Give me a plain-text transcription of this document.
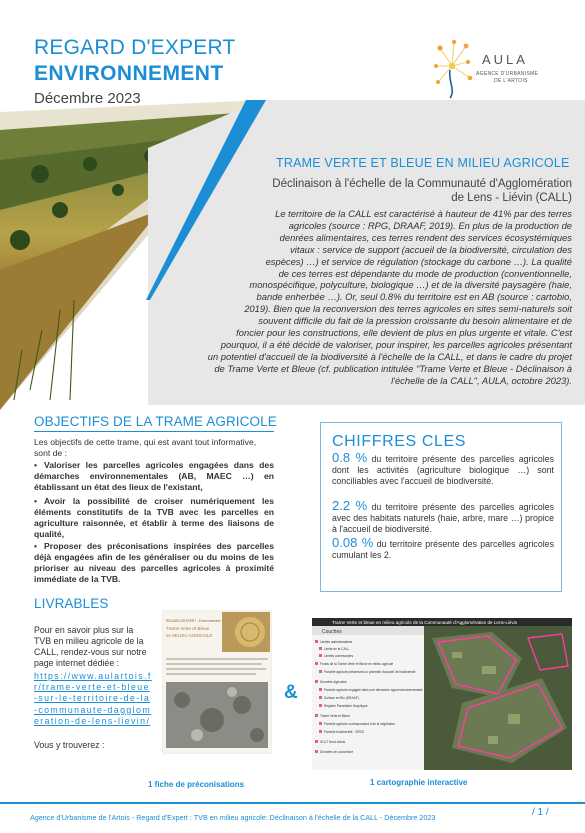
REGARD D'EXPERT
ENVIRONNEMENT
Décembre 2023
AULA
AGENCE D'URBANISME
DE L'ARTOIS
TRAME VERTE ET BLEUE EN MILIEU AGRICOLE
Déclinaison à l'échelle de la Communauté d'Agglomération
de Lens - Liévin (CALL)
Le territoire de la CALL est caractérisé à hauteur de 41% par des terres
agricoles (source : RPG, DRAAF, 2019). En plus de la production de
denrées alimentaires, ces terres rendent des services écosystémiques
vitaux : service de support (accueil de la biodiversité, circulation des
espèces) …) et service de régulation (stockage du carbone …). La qualité
de ces terres est dépendante du mode de production (conventionnelle,
monospécifique, polyculture, biologique …) et de la diversité paysagère (haie,
bande enherbée …). Or, seul 0.8% du territoire est en AB (source : cartobio,
2019). Bien que la reconversion des terres agricoles en sites semi-naturels soit
souvent difficile du fait de la pression croissante du besoin alimentaire et de
foncier pour les constructions, elle devient de plus en plus urgente et vitale. C'est
pourquoi, il a été décidé de valoriser, pour inspirer, les parcelles agricoles présentant
un potentiel d'accueil de la biodiversité à l'échelle de la CALL, et dans le cadre du projet
de Trame Verte et Bleue (cf. publication intitulée "Trame Verte et Bleue - Déclinaison à
l'échelle de la CALL", AULA, octobre 2023).
OBJECTIFS DE LA TRAME AGRICOLE
Les objectifs de cette trame, qui est avant tout informative,
sont de :
• Valoriser les parcelles agricoles engagées dans des démarches environnementales (AB, MAEC …) en établissant un état des lieux de l'existant,
• Avoir la possibilité de croiser numériquement les éléments constitutifs de la TVB avec les parcelles en agriculture raisonnée, et établir à terme des liaisons de qualité,
• Proposer des préconisations inspirées des parcelles déjà engagées afin de les généraliser ou du moins de les prioriser au niveau des parcelles agricoles à proximité immédiate de la TVB.
CHIFFRES CLES
0.8 % du territoire présente des parcelles agricoles dont les activités (agriculture biologique …) sont conciliables avec l'accueil de biodiversité.
2.2 % du territoire présente des parcelles agricoles avec des habitats naturels (haie, arbre, mare …) propice à l'accueil de biodiversité.
0.08 % du territoire présente des parcelles agricoles cumulant les 2.
LIVRABLES
Pour en savoir plus sur la
TVB en milieu agricole de la
CALL, rendez-vous sur notre
page internet dédiée :
https://www.aulartois.fr/trame-verte-et-bleue-sur-le-territoire-de-la-communaute-dagglomeration-de-lens-lievin/
Vous y trouverez :
REGARD D'EXPERT - Environnement
Trame Verte et Bleue
en MILIEU AGRICOLE
&
Trame Verte et bleue en milieu agricole de la Communauté d'Agglomération de Lens-Liévin
Couches
Limites administratives
Limite de la CALL
Limites communales
Fonds de la Trame Verte et Bleue en milieu agricole
Parcelle agricole présentant un potentiel d'accueil de biodiversité
Données Agricoles
Parcelle agricole engagée dans une démarche agroenvironnementale
Surface en Bio (DRAAF)
Registre Parcellaire Graphique
Trame Verte et Bleue
Parcelle agricole correspondant à de la végétation
Parcelle biodiversité - SRCE
SCoT Nord-Artois
Données en couverture
1 fiche de préconisations	1 cartographie interactive
Agence d'Urbanisme de l'Artois - Regard d'Expert : TVB en milieu agricole: Déclinaison à l'échelle de la CALL - Décembre 2023	/ 1 /
